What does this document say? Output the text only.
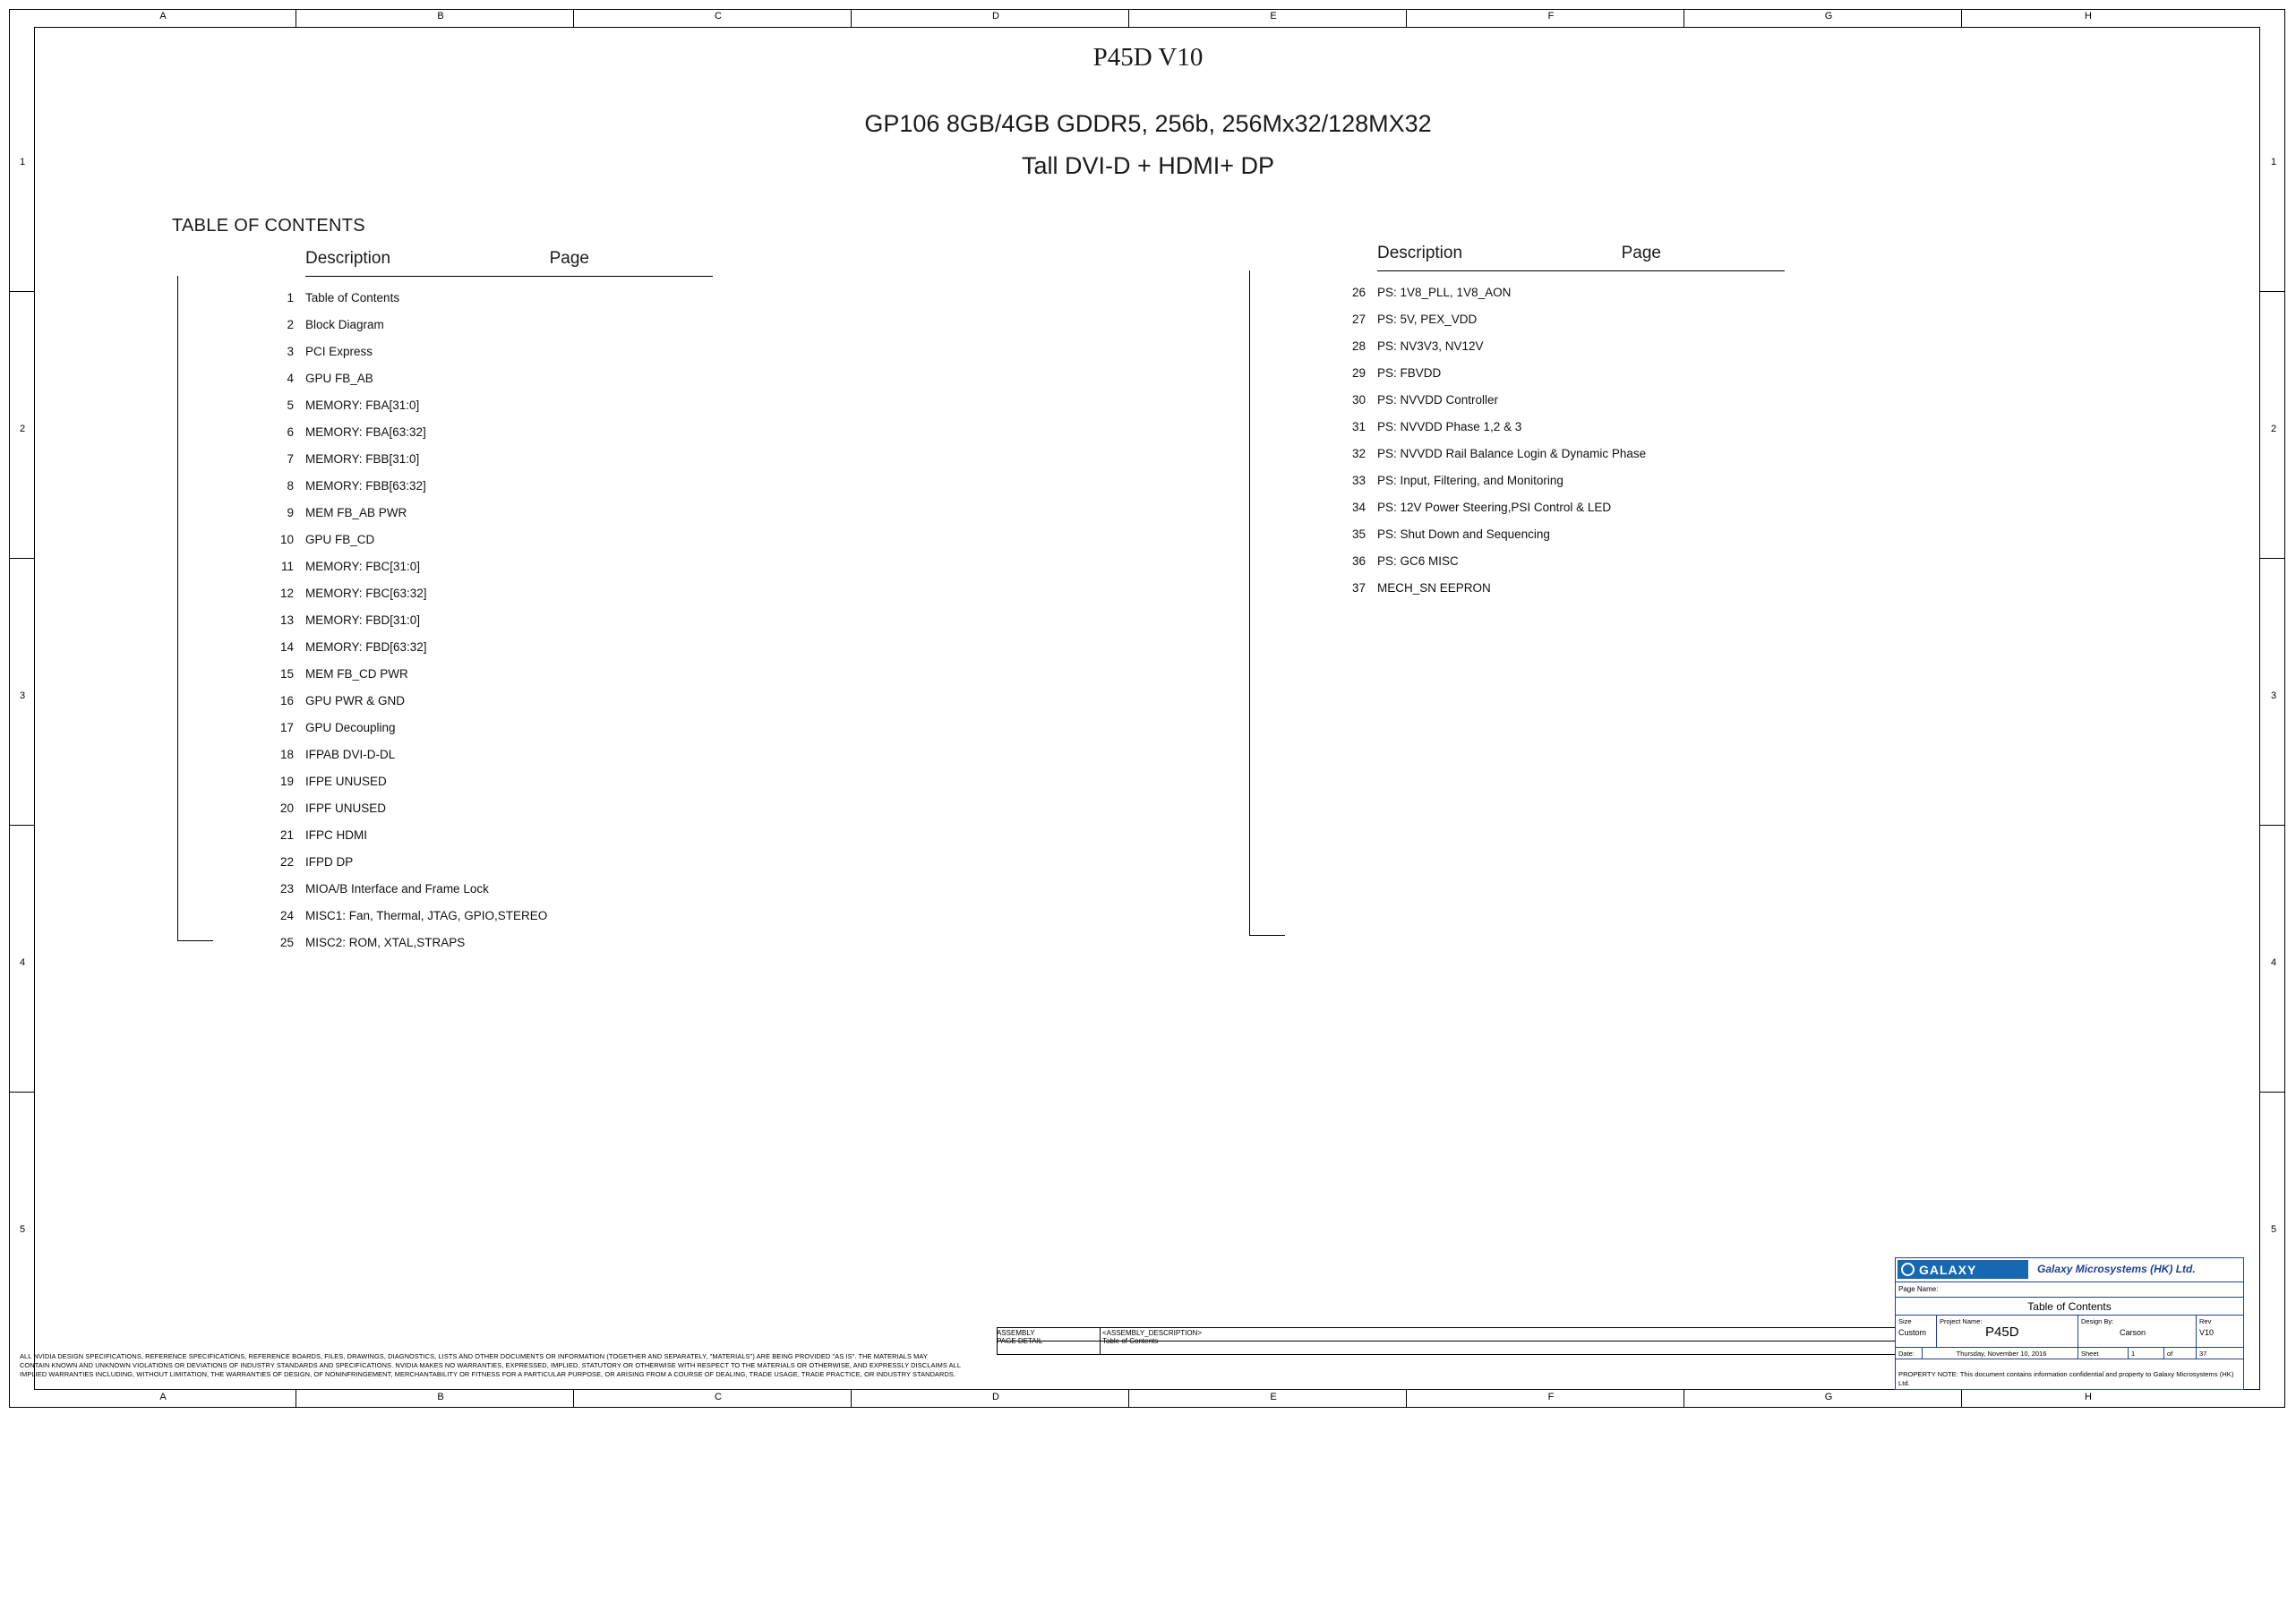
A	B	C	D	E	F	G	H
A	B	C	D	E	F	G	H
1
2
3
4
5
1
2
3
4
5
P45D V10
GP106 8GB/4GB GDDR5, 256b, 256Mx32/128MX32
Tall DVI-D + HDMI+ DP
TABLE OF CONTENTS
Page
Description
1 Table of Contents
2 Block Diagram
3 PCI Express
4 GPU FB_AB
5 MEMORY: FBA[31:0]
6 MEMORY: FBA[63:32]
7 MEMORY: FBB[31:0]
8 MEMORY: FBB[63:32]
9 MEM FB_AB PWR
10 GPU FB_CD
11 MEMORY: FBC[31:0]
12 MEMORY: FBC[63:32]
13 MEMORY: FBD[31:0]
14 MEMORY: FBD[63:32]
15 MEM FB_CD PWR
16 GPU PWR & GND
17 GPU Decoupling
18 IFPAB DVI-D-DL
19 IFPE UNUSED
20 IFPF UNUSED
21 IFPC HDMI
22 IFPD DP
23 MIOA/B Interface and Frame Lock
24 MISC1: Fan, Thermal, JTAG, GPIO,STEREO
25 MISC2: ROM, XTAL,STRAPS
Page
Description
26 PS: 1V8_PLL, 1V8_AON
27 PS: 5V, PEX_VDD
28 PS: NV3V3, NV12V
29 PS: FBVDD
30 PS: NVVDD Controller
31 PS: NVVDD Phase 1,2 & 3
32 PS: NVVDD Rail Balance Login & Dynamic Phase
33 PS: Input, Filtering, and Monitoring
34 PS: 12V Power Steering,PSI Control & LED
35 PS: Shut Down and Sequencing
36 PS: GC6 MISC
37 MECH_SN EEPRON
ALL NVIDIA DESIGN SPECIFICATIONS, REFERENCE SPECIFICATIONS, REFERENCE BOARDS, FILES, DRAWINGS, DIAGNOSTICS, LISTS AND OTHER DOCUMENTS OR INFORMATION (TOGETHER AND SEPARATELY, "MATERIALS") ARE BEING PROVIDED "AS IS". THE MATERIALS MAY
CONTAIN KNOWN AND UNKNOWN VIOLATIONS OR DEVIATIONS OF INDUSTRY STANDARDS AND SPECIFICATIONS. NVIDIA MAKES NO WARRANTIES, EXPRESSED, IMPLIED, STATUTORY OR OTHERWISE WITH RESPECT TO THE MATERIALS OR OTHERWISE, AND EXPRESSLY DISCLAIMS ALL
IMPLIED WARRANTIES INCLUDING, WITHOUT LIMITATION, THE WARRANTIES OF DESIGN, OF NONINFRINGEMENT, MERCHANTABILITY OR FITNESS FOR A PARTICULAR PURPOSE, OR ARISING FROM A COURSE OF DEALING, TRADE USAGE, TRADE PRACTICE, OR INDUSTRY STANDARDS.
ASSEMBLY
PAGE DETAIL
<ASSEMBLY_DESCRIPTION>
Table of Contents
GALAXY	Galaxy Microsystems (HK) Ltd.
Page Name:
Table of Contents
Size
Custom
Project Name:
P45D
Design By:
Carson
Rev
V10
Date:	Thursday, November 10, 2016	Sheet	1	of	37
PROPERTY NOTE: This document contains information confidential and property to Galaxy Microsystems (HK) Ltd.
